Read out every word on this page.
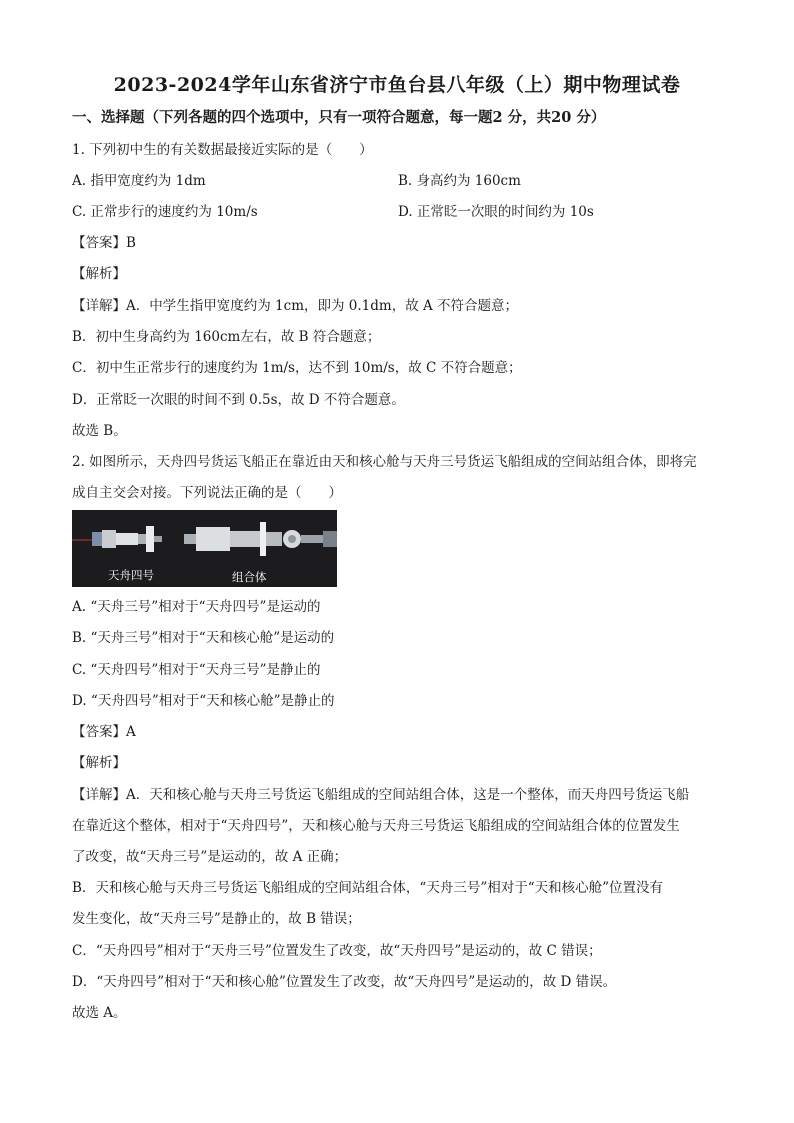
2023-2024学年山东省济宁市鱼台县八年级（上）期中物理试卷
一、选择题（下列各题的四个选项中，只有一项符合题意，每一题2 分，共20 分）
1. 下列初中生的有关数据最接近实际的是（　　）
A. 指甲宽度约为 1dm	B. 身高约为 160cm
C. 正常步行的速度约为 10m/s	D. 正常眨一次眼的时间约为 10s
【答案】B
【解析】
【详解】A．中学生指甲宽度约为 1cm，即为 0.1dm，故 A 不符合题意；
B．初中生身高约为 160cm左右，故 B 符合题意；
C．初中生正常步行的速度约为 1m/s，达不到 10m/s，故 C 不符合题意；
D．正常眨一次眼的时间不到 0.5s，故 D 不符合题意。
故选 B。
2. 如图所示，天舟四号货运飞船正在靠近由天和核心舱与天舟三号货运飞船组成的空间站组合体，即将完
成自主交会对接。下列说法正确的是（　　）
天舟四号	组合体
A. “天舟三号”相对于“天舟四号”是运动的
B. “天舟三号”相对于“天和核心舱”是运动的
C. “天舟四号”相对于“天舟三号”是静止的
D. “天舟四号”相对于“天和核心舱”是静止的
【答案】A
【解析】
【详解】A．天和核心舱与天舟三号货运飞船组成的空间站组合体，这是一个整体，而天舟四号货运飞船
在靠近这个整体，相对于“天舟四号”，天和核心舱与天舟三号货运飞船组成的空间站组合体的位置发生
了改变，故“天舟三号”是运动的，故 A 正确；
B．天和核心舱与天舟三号货运飞船组成的空间站组合体，“天舟三号”相对于“天和核心舱”位置没有
发生变化，故“天舟三号”是静止的，故 B 错误；
C．“天舟四号”相对于“天舟三号”位置发生了改变，故“天舟四号”是运动的，故 C 错误；
D．“天舟四号”相对于“天和核心舱”位置发生了改变，故“天舟四号”是运动的，故 D 错误。
故选 A。
